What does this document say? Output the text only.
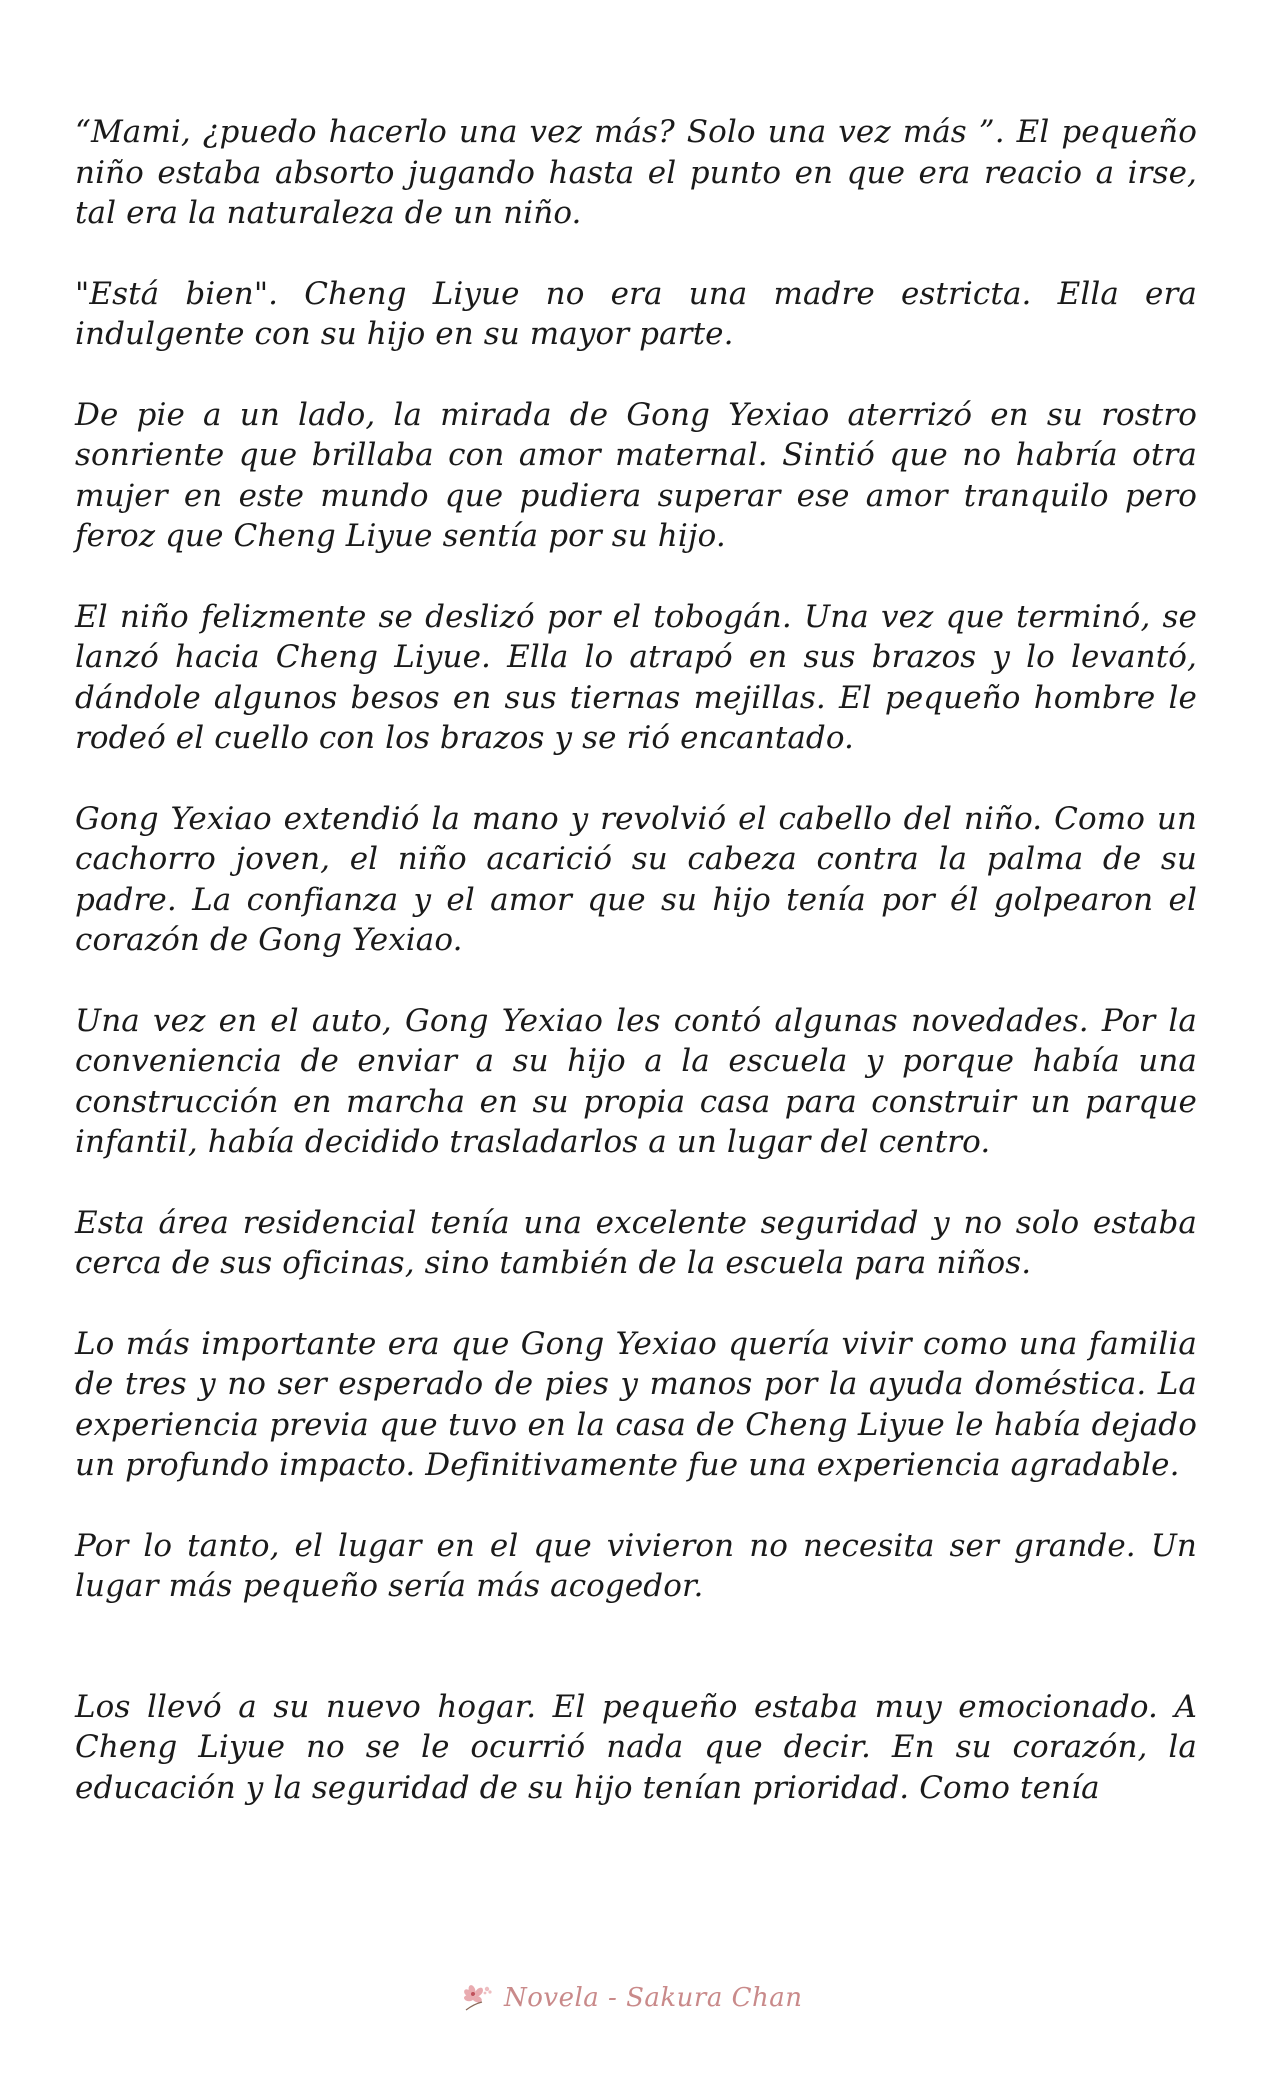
“Mami, ¿puedo hacerlo una vez más? Solo una vez más ”. El pequeño niño estaba absorto jugando hasta el punto en que era reacio a irse, tal era la naturaleza de un niño.

"Está bien". Cheng Liyue no era una madre estricta. Ella era indulgente con su hijo en su mayor parte.

De pie a un lado, la mirada de Gong Yexiao aterrizó en su rostro sonriente que brillaba con amor maternal. Sintió que no habría otra mujer en este mundo que pudiera superar ese amor tranquilo pero feroz que Cheng Liyue sentía por su hijo.

El niño felizmente se deslizó por el tobogán. Una vez que terminó, se lanzó hacia Cheng Liyue. Ella lo atrapó en sus brazos y lo levantó, dándole algunos besos en sus tiernas mejillas. El pequeño hombre le rodeó el cuello con los brazos y se rió encantado.

Gong Yexiao extendió la mano y revolvió el cabello del niño. Como un cachorro joven, el niño acarició su cabeza contra la palma de su padre. La confianza y el amor que su hijo tenía por él golpearon el corazón de Gong Yexiao.

Una vez en el auto, Gong Yexiao les contó algunas novedades. Por la conveniencia de enviar a su hijo a la escuela y porque había una construcción en marcha en su propia casa para construir un parque infantil, había decidido trasladarlos a un lugar del centro.

Esta área residencial tenía una excelente seguridad y no solo estaba cerca de sus oficinas, sino también de la escuela para niños.

Lo más importante era que Gong Yexiao quería vivir como una familia de tres y no ser esperado de pies y manos por la ayuda doméstica. La experiencia previa que tuvo en la casa de Cheng Liyue le había dejado un profundo impacto. Definitivamente fue una experiencia agradable.

Por lo tanto, el lugar en el que vivieron no necesita ser grande. Un lugar más pequeño sería más acogedor.

Los llevó a su nuevo hogar. El pequeño estaba muy emocionado. A Cheng Liyue no se le ocurrió nada que decir. En su corazón, la educación y la seguridad de su hijo tenían prioridad. Como tenía

Novela - Sakura Chan
